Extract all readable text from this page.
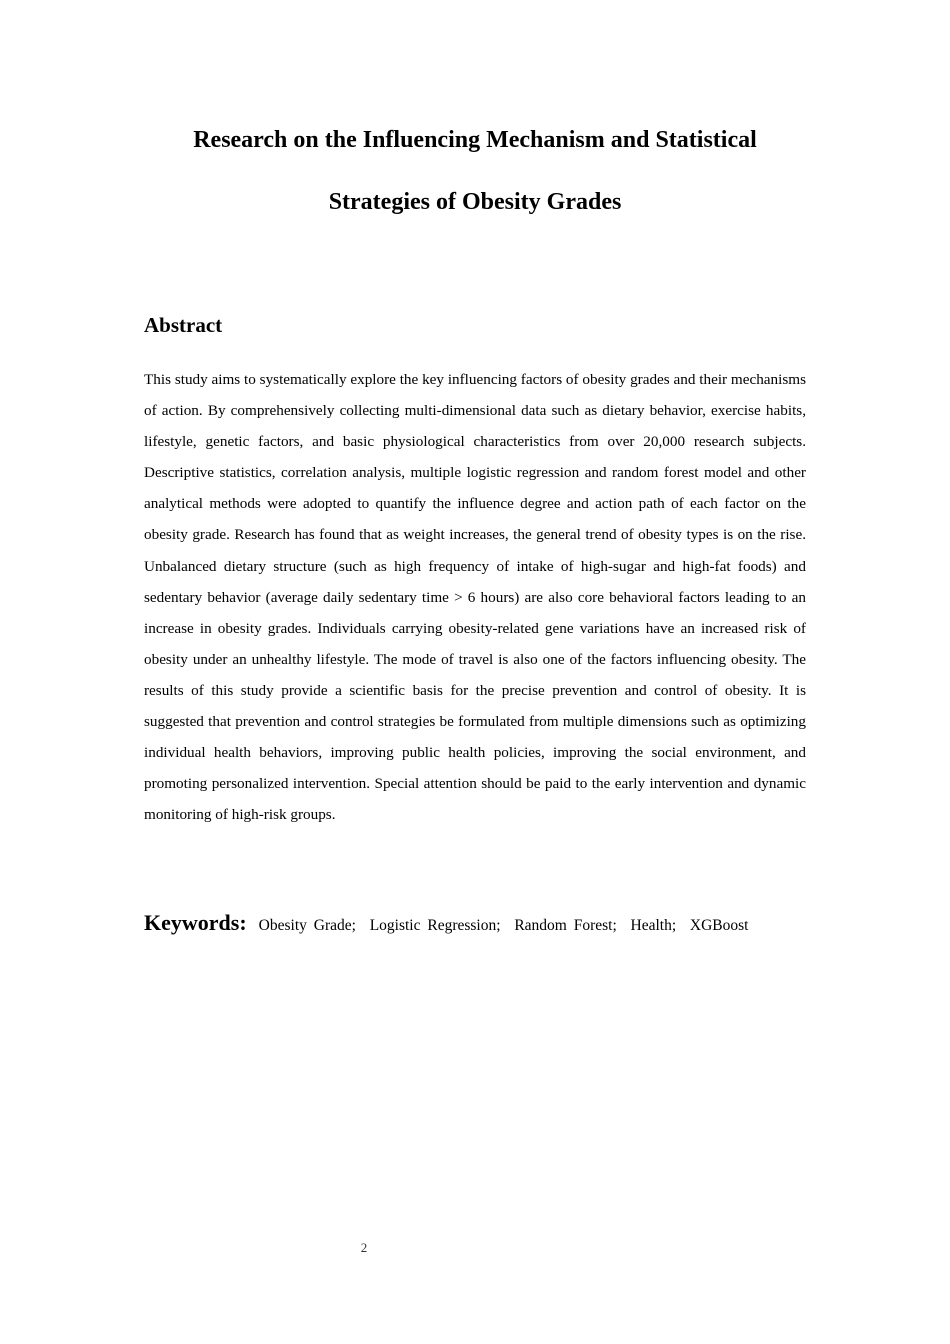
Research on the Influencing Mechanism and Statistical
Strategies of Obesity Grades
Abstract

This study aims to systematically explore the key influencing factors of obesity grades and their mechanisms of action. By comprehensively collecting multi-dimensional data such as dietary behavior, exercise habits, lifestyle, genetic factors, and basic physiological characteristics from over 20,000 research subjects. Descriptive statistics, correlation analysis, multiple logistic regression and random forest model and other analytical methods were adopted to quantify the influence degree and action path of each factor on the obesity grade. Research has found that as weight increases, the general trend of obesity types is on the rise. Unbalanced dietary structure (such as high frequency of intake of high-sugar and high-fat foods) and sedentary behavior (average daily sedentary time > 6 hours) are also core behavioral factors leading to an increase in obesity grades. Individuals carrying obesity-related gene variations have an increased risk of obesity under an unhealthy lifestyle. The mode of travel is also one of the factors influencing obesity. The results of this study provide a scientific basis for the precise prevention and control of obesity. It is suggested that prevention and control strategies be formulated from multiple dimensions such as optimizing individual health behaviors, improving public health policies, improving the social environment, and promoting personalized intervention. Special attention should be paid to the early intervention and dynamic monitoring of high-risk groups.

Keywords: Obesity Grade ; Logistic Regression ; Random Forest ; Health ; XGBoost

2
